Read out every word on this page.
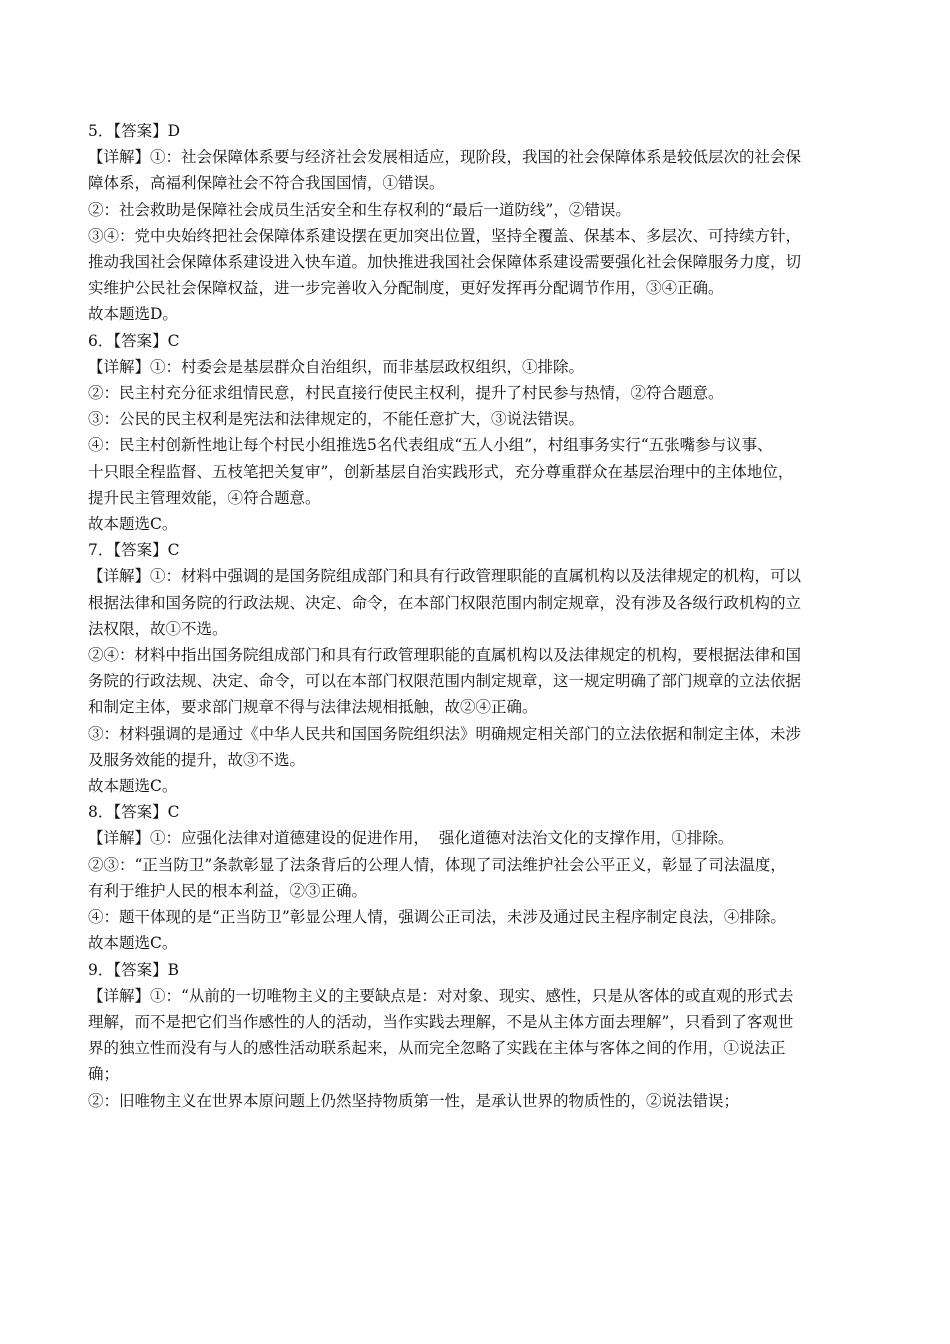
5．【答案】D
【详解】①：社会保障体系要与经济社会发展相适应，现阶段，我国的社会保障体系是较低层次的社会保
障体系，高福利保障社会不符合我国国情，①错误。
②：社会救助是保障社会成员生活安全和生存权利的“最后一道防线”，②错误。
③④：党中央始终把社会保障体系建设摆在更加突出位置，坚持全覆盖、保基本、多层次、可持续方针，
推动我国社会保障体系建设进入快车道。加快推进我国社会保障体系建设需要强化社会保障服务力度，切
实维护公民社会保障权益，进一步完善收入分配制度，更好发挥再分配调节作用，③④正确。
故本题选D。
6．【答案】C
【详解】①：村委会是基层群众自治组织，而非基层政权组织，①排除。
②：民主村充分征求组情民意，村民直接行使民主权利，提升了村民参与热情，②符合题意。
③：公民的民主权利是宪法和法律规定的，不能任意扩大，③说法错误。
④：民主村创新性地让每个村民小组推选5名代表组成“五人小组”，村组事务实行“五张嘴参与议事、
十只眼全程监督、五枝笔把关复审”，创新基层自治实践形式，充分尊重群众在基层治理中的主体地位，
提升民主管理效能，④符合题意。
故本题选C。
7．【答案】C
【详解】①：材料中强调的是国务院组成部门和具有行政管理职能的直属机构以及法律规定的机构，可以
根据法律和国务院的行政法规、决定、命令，在本部门权限范围内制定规章，没有涉及各级行政机构的立
法权限，故①不选。
②④：材料中指出国务院组成部门和具有行政管理职能的直属机构以及法律规定的机构，要根据法律和国
务院的行政法规、决定、命令，可以在本部门权限范围内制定规章，这一规定明确了部门规章的立法依据
和制定主体，要求部门规章不得与法律法规相抵触，故②④正确。
③：材料强调的是通过《中华人民共和国国务院组织法》明确规定相关部门的立法依据和制定主体，未涉
及服务效能的提升，故③不选。
故本题选C。
8．【答案】C
【详解】①：应强化法律对道德建设的促进作用，  强化道德对法治文化的支撑作用，①排除。
②③：“正当防卫”条款彰显了法条背后的公理人情，体现了司法维护社会公平正义，彰显了司法温度，
有利于维护人民的根本利益，②③正确。
④：题干体现的是“正当防卫”彰显公理人情，强调公正司法，未涉及通过民主程序制定良法，④排除。
故本题选C。
9．【答案】B
【详解】①：“从前的一切唯物主义的主要缺点是：对对象、现实、感性，只是从客体的或直观的形式去
理解，而不是把它们当作感性的人的活动，当作实践去理解，不是从主体方面去理解”，只看到了客观世
界的独立性而没有与人的感性活动联系起来，从而完全忽略了实践在主体与客体之间的作用，①说法正
确；
②：旧唯物主义在世界本原问题上仍然坚持物质第一性，是承认世界的物质性的，②说法错误；
